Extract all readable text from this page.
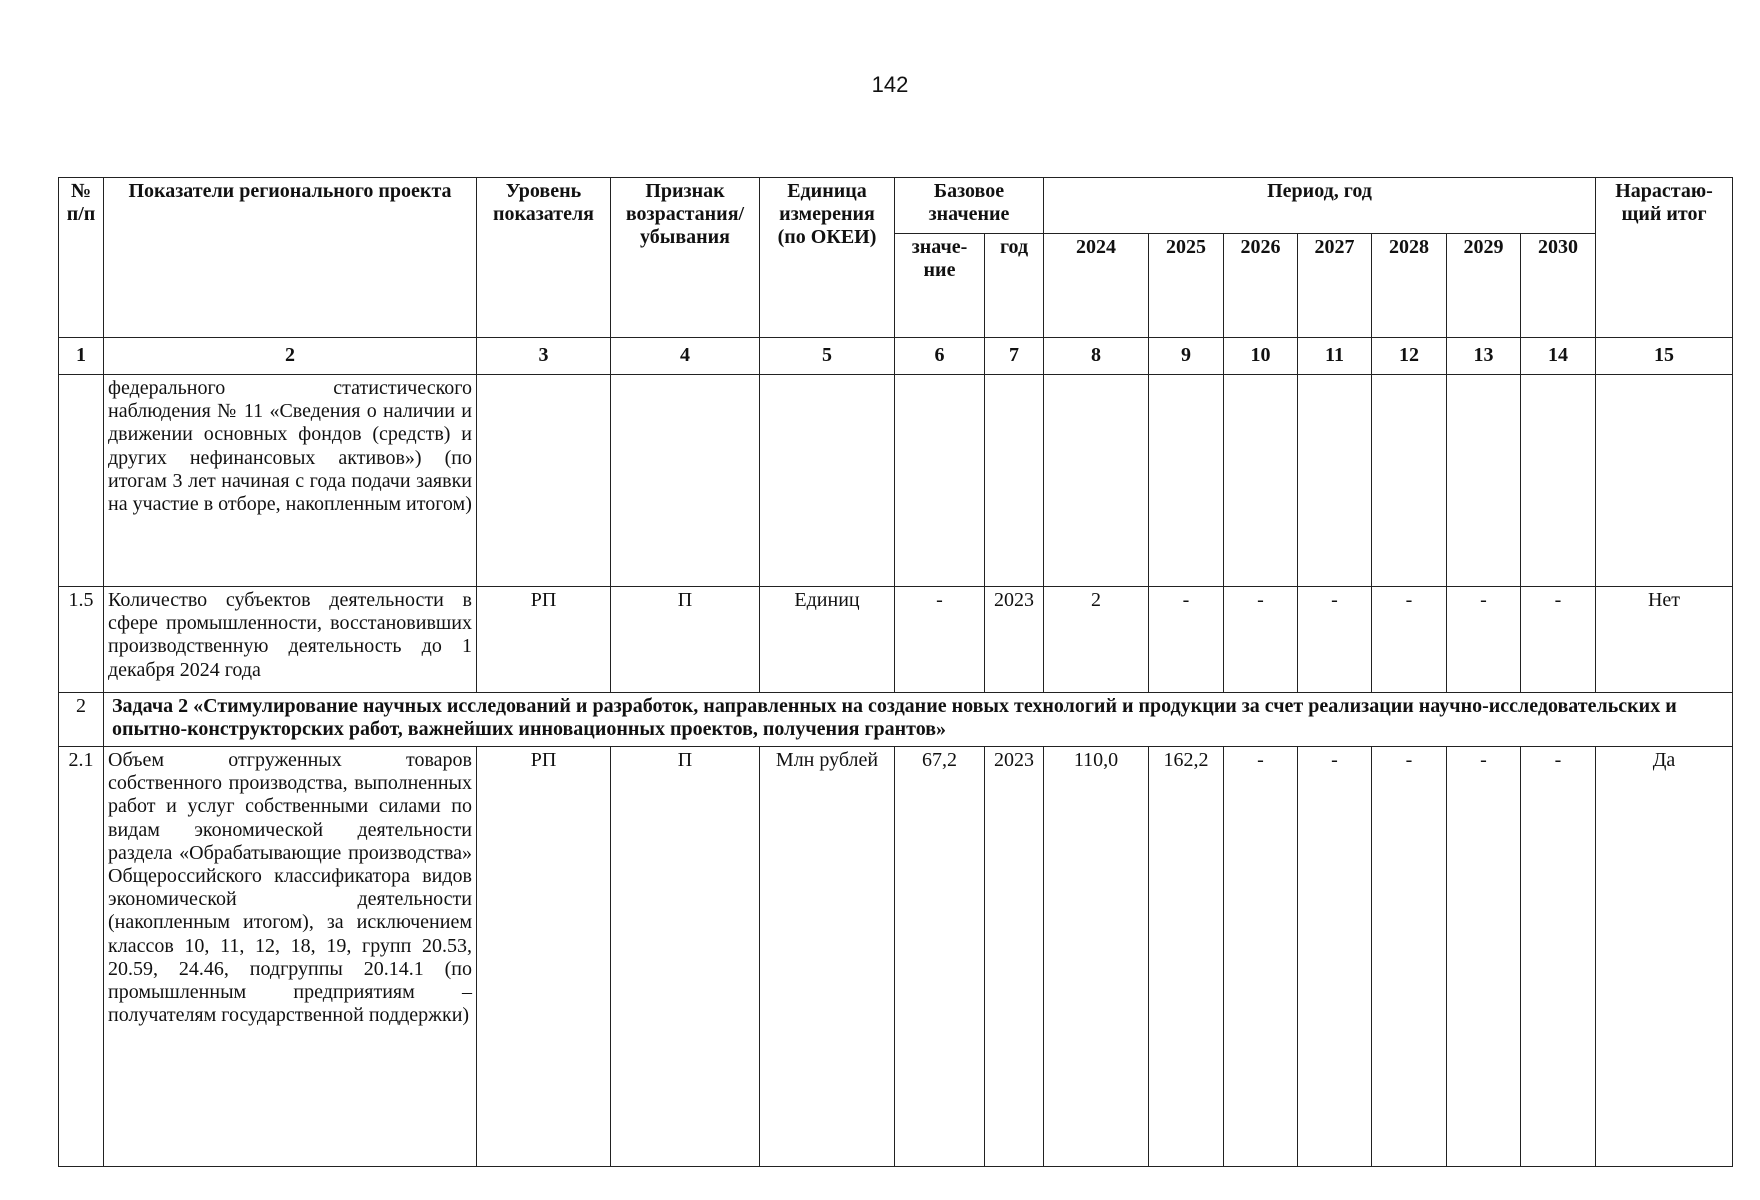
142
№ п/п	Показатели регионального проекта	Уровень показателя	Признак возрастания/ убывания	Единица измерения (по ОКЕИ)	Базовое значение		Период, год							Нарастаю-щий итог
					значе-ние	год	2024	2025	2026	2027	2028	2029	2030	
1	2	3	4	5	6	7	8	9	10	11	12	13	14	15
	федерального статистического наблюдения № 11 «Сведения о наличии и движении основных фондов (средств) и других нефинансовых активов») (по итогам 3 лет начиная с года подачи заявки на участие в отборе, накопленным итогом)													
1.5	Количество субъектов деятельности в сфере промышленности, восстановивших производственную деятельность до 1 декабря 2024 года	РП	П	Единиц	-	2023	2	-	-	-	-	-	-	Нет
2	Задача 2 «Стимулирование научных исследований и разработок, направленных на создание новых технологий и продукции за счет реализации научно-исследовательских и опытно-конструкторских работ, важнейших инновационных проектов, получения грантов»													
2.1	Объем отгруженных товаров собственного производства, выполненных работ и услуг собственными силами по видам экономической деятельности раздела «Обрабатывающие производства» Общероссийского классификатора видов экономической деятельности (накопленным итогом), за исключением классов 10, 11, 12, 18, 19, групп 20.53, 20.59, 24.46, подгруппы 20.14.1 (по промышленным предприятиям – получателям государственной поддержки)	РП	П	Млн рублей	67,2	2023	110,0	162,2	-	-	-	-	-	Да
